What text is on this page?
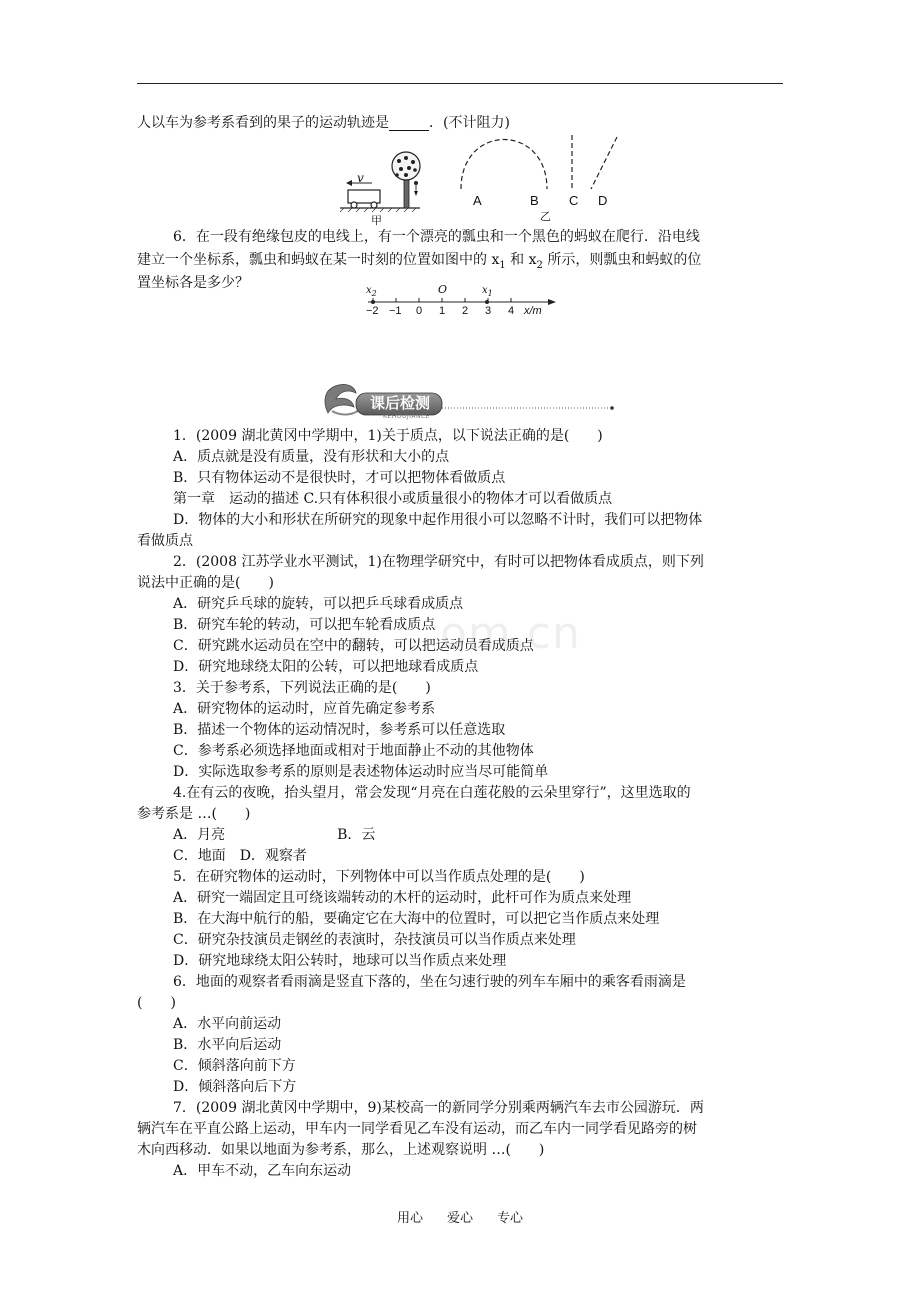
人以车为参考系看到的果子的运动轨迹是	．(不计阻力)
v
甲
A	B C D
乙
6．在一段有绝缘包皮的电线上，有一个漂亮的瓢虫和一个黑色的蚂蚁在爬行．沿电线
建立一个坐标系，瓢虫和蚂蚁在某一时刻的位置如图中的 $x_1$ 和 $x_2$ 所示，则瓢虫和蚂蚁的位
置坐标各是多少？	$x_2$	O	$x_1$
−2 −1 0 1 2 3 4 x/m
课后检测
KEHOUJIANCE
om.cn
1．(2009 湖北黄冈中学期中，1)关于质点，以下说法正确的是(　　)
A．质点就是没有质量，没有形状和大小的点
B．只有物体运动不是很快时，才可以把物体看做质点
第一章　运动的描述 C.只有体积很小或质量很小的物体才可以看做质点
D．物体的大小和形状在所研究的现象中起作用很小可以忽略不计时，我们可以把物体
看做质点
2．(2008 江苏学业水平测试，1)在物理学研究中，有时可以把物体看成质点，则下列
说法中正确的是(　　)
A．研究乒乓球的旋转，可以把乒乓球看成质点
B．研究车轮的转动，可以把车轮看成质点
C．研究跳水运动员在空中的翻转，可以把运动员看成质点
D．研究地球绕太阳的公转，可以把地球看成质点
3．关于参考系，下列说法正确的是(　　)
A．研究物体的运动时，应首先确定参考系
B．描述一个物体的运动情况时，参考系可以任意选取
C．参考系必须选择地面或相对于地面静止不动的其他物体
D．实际选取参考系的原则是表述物体运动时应当尽可能简单
4.在有云的夜晚，抬头望月，常会发现“月亮在白莲花般的云朵里穿行”，这里选取的
参考系是 …(　　)
A．月亮　　　　　　　　B．云
C．地面　D．观察者
5．在研究物体的运动时，下列物体中可以当作质点处理的是(　　)
A．研究一端固定且可绕该端转动的木杆的运动时，此杆可作为质点来处理
B．在大海中航行的船，要确定它在大海中的位置时，可以把它当作质点来处理
C．研究杂技演员走钢丝的表演时，杂技演员可以当作质点来处理
D．研究地球绕太阳公转时，地球可以当作质点来处理
6．地面的观察者看雨滴是竖直下落的，坐在匀速行驶的列车车厢中的乘客看雨滴是
(　　)
A．水平向前运动
B．水平向后运动
C．倾斜落向前下方
D．倾斜落向后下方
7．(2009 湖北黄冈中学期中，9)某校高一的新同学分别乘两辆汽车去市公园游玩．两
辆汽车在平直公路上运动，甲车内一同学看见乙车没有运动，而乙车内一同学看见路旁的树
木向西移动．如果以地面为参考系，那么，上述观察说明 …(　　)
A．甲车不动，乙车向东运动
用心 爱心 专心
